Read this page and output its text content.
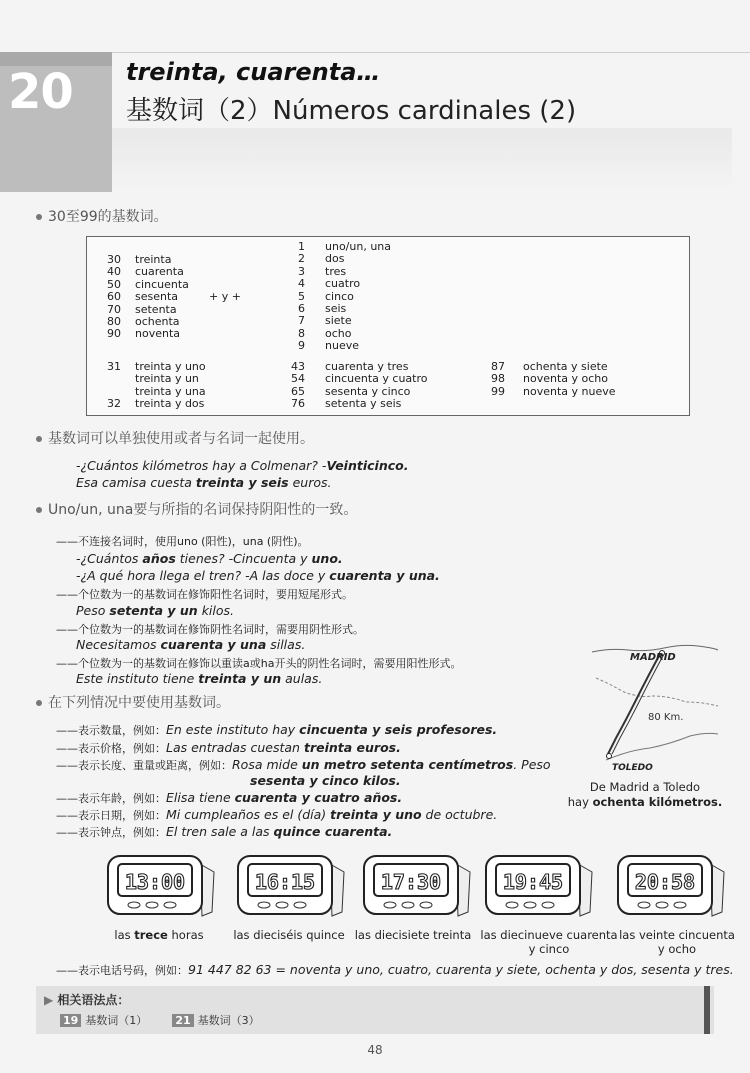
20	treinta, cuarenta…
基数词（2）Números cardinales (2)
30至99的基数词。
30
40
50
60
70
80
90
treinta
cuarenta
cincuenta
sesenta
setenta
ochenta
noventa
+ y +
1
2
3
4
5
6
7
8
9
uno/un, una
dos
tres
cuatro
cinco
seis
siete
ocho
nueve
31

32
treinta y uno
treinta y un
treinta y una
treinta y dos
43
54
65
76
cuarenta y tres
cincuenta y cuatro
sesenta y cinco
setenta y seis
87
98
99
ochenta y siete
noventa y ocho
noventa y nueve
基数词可以单独使用或者与名词一起使用。
-¿Cuántos kilómetros hay a Colmenar? -Veinticinco.
Esa camisa cuesta treinta y seis euros.
Uno/un, una要与所指的名词保持阴阳性的一致。
——不连接名词时，使用uno (阳性)，una (阴性)。
-¿Cuántos años tienes? -Cincuenta y uno.
-¿A qué hora llega el tren? -A las doce y cuarenta y una.
——个位数为一的基数词在修饰阳性名词时，要用短尾形式。
Peso setenta y un kilos.
——个位数为一的基数词在修饰阴性名词时，需要用阴性形式。
Necesitamos cuarenta y una sillas.
——个位数为一的基数词在修饰以重读a或ha开头的阴性名词时，需要用阳性形式。
Este instituto tiene treinta y un aulas.
在下列情况中要使用基数词。
——表示数量，例如：En este instituto hay cincuenta y seis profesores.
——表示价格，例如：Las entradas cuestan treinta euros.
——表示长度、重量或距离，例如：Rosa mide un metro setenta centímetros. Peso
sesenta y cinco kilos.
——表示年龄，例如：Elisa tiene cuarenta y cuatro años.
——表示日期，例如：Mi cumpleaños es el (día) treinta y uno de octubre.
——表示钟点，例如：El tren sale a las quince cuarenta.
MADRID
80 Km.
TOLEDO
De Madrid a Toledo
hay ochenta kilómetros.
13:00
las trece horas
16:15
las dieciséis quince
17:30
las diecisiete treinta
19:45
las diecinueve cuarenta
y cinco
20:58
las veinte cincuenta
y ocho
——表示电话号码，例如：91 447 82 63 = noventa y uno, cuatro, cuarenta y siete, ochenta y dos, sesenta y tres.
▶ 相关语法点：
19 基数词（1）	21 基数词（3）
48
